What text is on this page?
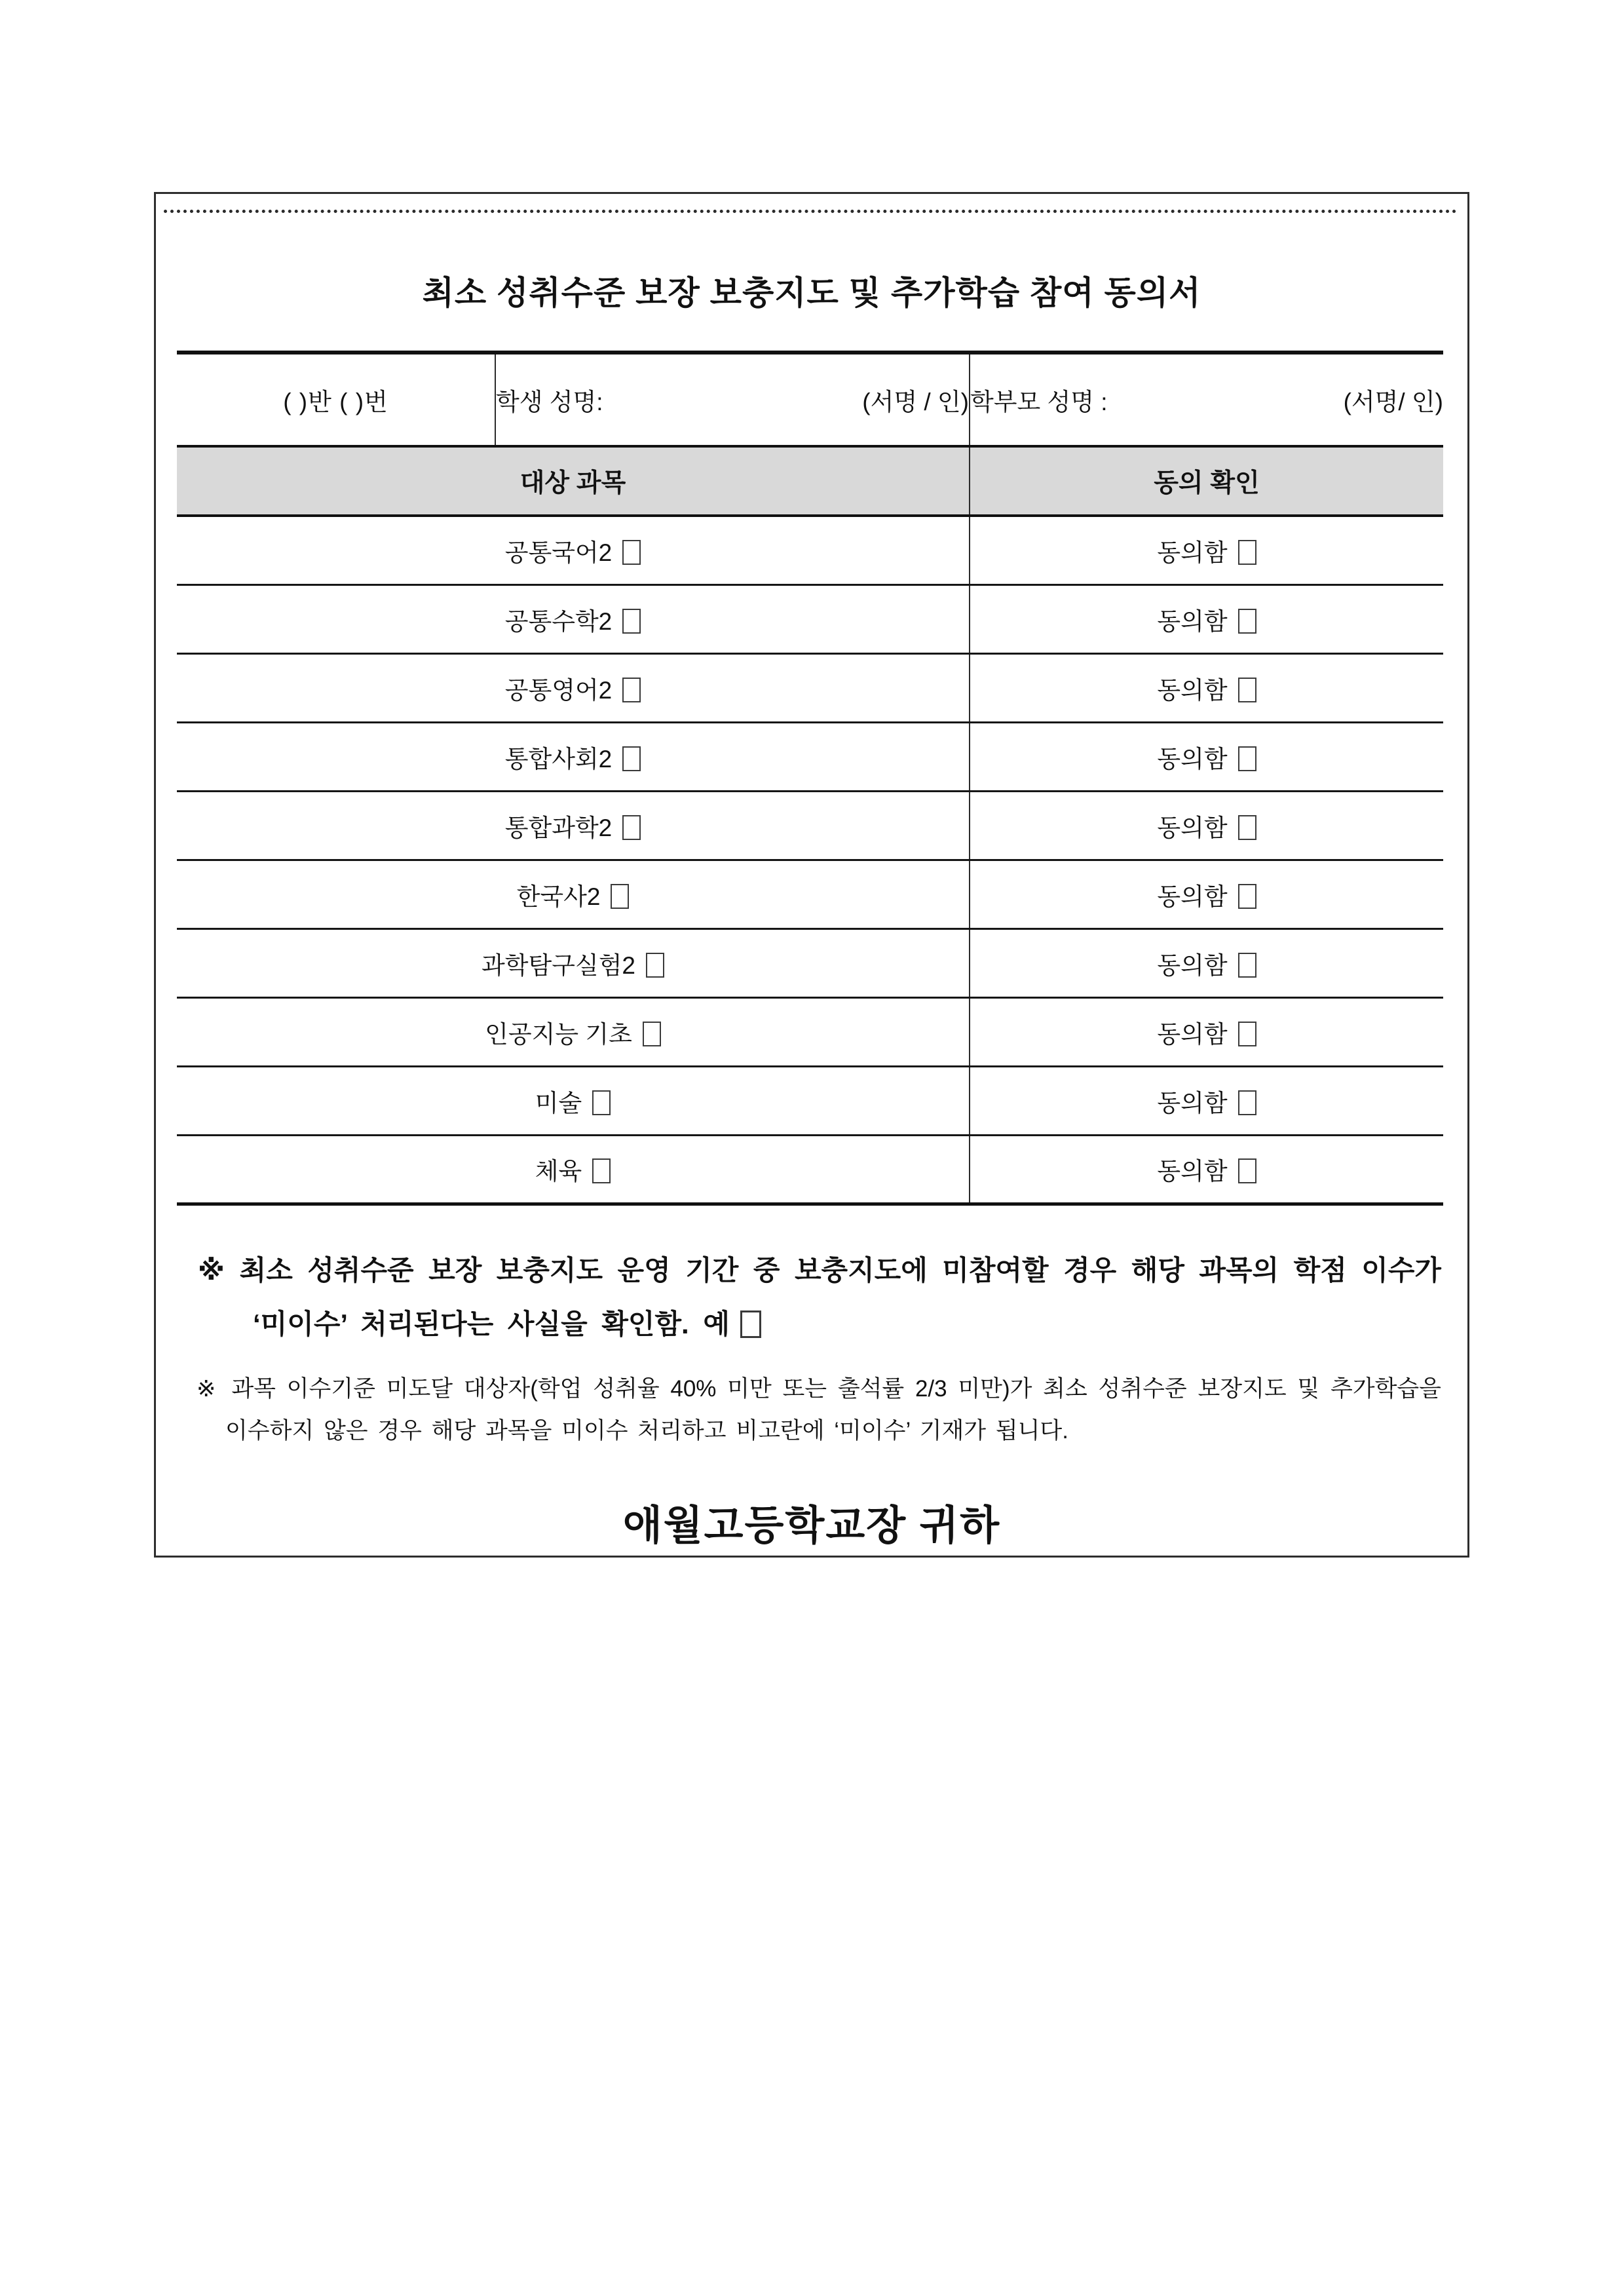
최소 성취수준 보장 보충지도 및 추가학습 참여 동의서
( )반 ( )번	학생 성명: (서명 / 인)	학부모 성명 : (서명/ 인)

대상 과목		동의 확인
공통국어2		동의함
공통수학2		동의함
공통영어2		동의함
통합사회2		동의함
통합과학2		동의함
한국사2		동의함
과학탐구실험2		동의함
인공지능 기초		동의함
미술		동의함
체육		동의함

※ 최소 성취수준 보장 보충지도 운영 기간 중 보충지도에 미참여할 경우 해당 과목의 학점 이수가 ‘미이수’ 처리된다는 사실을 확인함. 예

※ 과목 이수기준 미도달 대상자(학업 성취율 40% 미만 또는 출석률 2/3 미만)가 최소 성취수준 보장지도 및 추가학습을 이수하지 않은 경우 해당 과목을 미이수 처리하고 비고란에 ‘미이수’ 기재가 됩니다.

애월고등학교장 귀하
